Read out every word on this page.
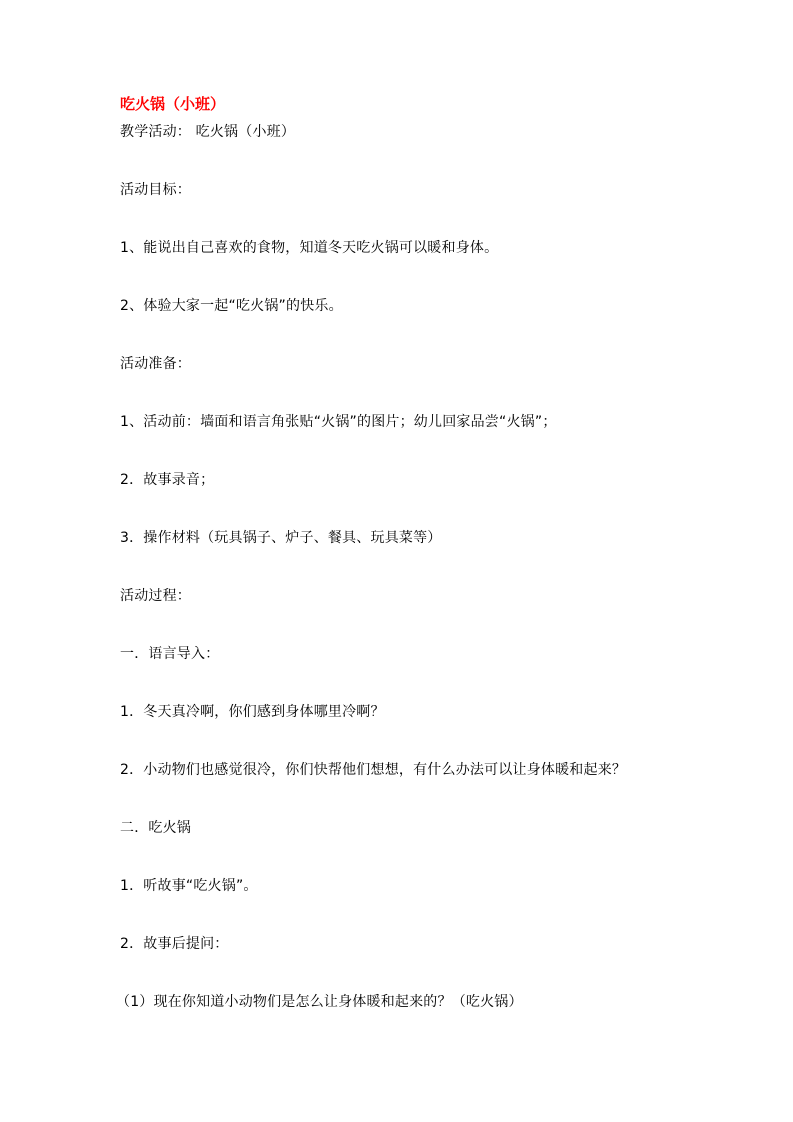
吃火锅（小班）
教学活动： 吃火锅（小班）
活动目标：
1、能说出自己喜欢的食物，知道冬天吃火锅可以暖和身体。
2、体验大家一起“吃火锅”的快乐。
活动准备：
1、活动前：墙面和语言角张贴“火锅”的图片；幼儿回家品尝“火锅”；
2．故事录音；
3．操作材料（玩具锅子、炉子、餐具、玩具菜等）
活动过程：
一．语言导入：
1．冬天真冷啊，你们感到身体哪里冷啊？
2．小动物们也感觉很冷，你们快帮他们想想，有什么办法可以让身体暖和起来？
二．吃火锅
1．听故事“吃火锅”。
2．故事后提问：
（1）现在你知道小动物们是怎么让身体暖和起来的？（吃火锅）
